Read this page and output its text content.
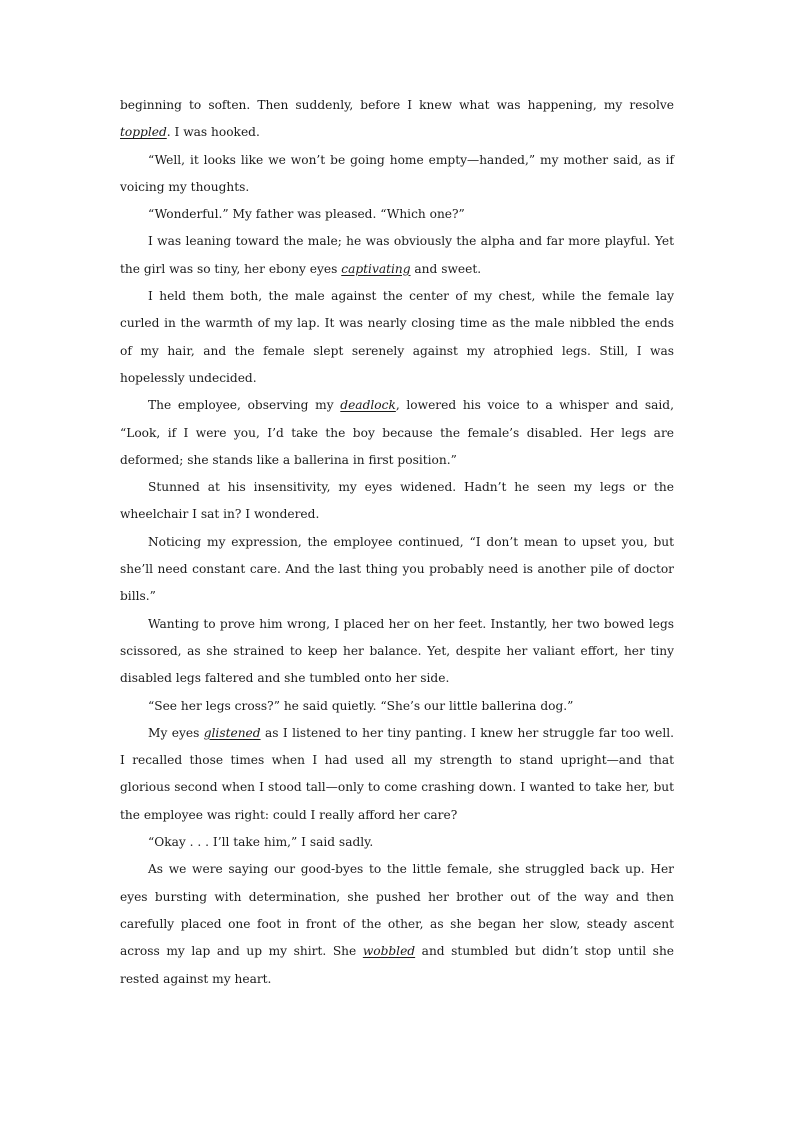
beginning to soften. Then suddenly, before I knew what was happening, my resolve toppled. I was hooked.

“Well, it looks like we won’t be going home empty—handed,” my mother said, as if voicing my thoughts.

“Wonderful.” My father was pleased. “Which one?”

I was leaning toward the male; he was obviously the alpha and far more playful. Yet the girl was so tiny, her ebony eyes captivating and sweet.

I held them both, the male against the center of my chest, while the female lay curled in the warmth of my lap. It was nearly closing time as the male nibbled the ends of my hair, and the female slept serenely against my atrophied legs. Still, I was hopelessly undecided.

The employee, observing my deadlock, lowered his voice to a whisper and said, “Look, if I were you, I’d take the boy because the female’s disabled. Her legs are deformed; she stands like a ballerina in first position.”

Stunned at his insensitivity, my eyes widened. Hadn’t he seen my legs or the wheelchair I sat in? I wondered.

Noticing my expression, the employee continued, “I don’t mean to upset you, but she’ll need constant care. And the last thing you probably need is another pile of doctor bills.”

Wanting to prove him wrong, I placed her on her feet. Instantly, her two bowed legs scissored, as she strained to keep her balance. Yet, despite her valiant effort, her tiny disabled legs faltered and she tumbled onto her side.

“See her legs cross?” he said quietly. “She’s our little ballerina dog.”

My eyes glistened as I listened to her tiny panting. I knew her struggle far too well. I recalled those times when I had used all my strength to stand upright—and that glorious second when I stood tall—only to come crashing down. I wanted to take her, but the employee was right: could I really afford her care?

“Okay . . . I’ll take him,” I said sadly.

As we were saying our good-byes to the little female, she struggled back up. Her eyes bursting with determination, she pushed her brother out of the way and then carefully placed one foot in front of the other, as she began her slow, steady ascent across my lap and up my shirt. She wobbled and stumbled but didn’t stop until she rested against my heart.
